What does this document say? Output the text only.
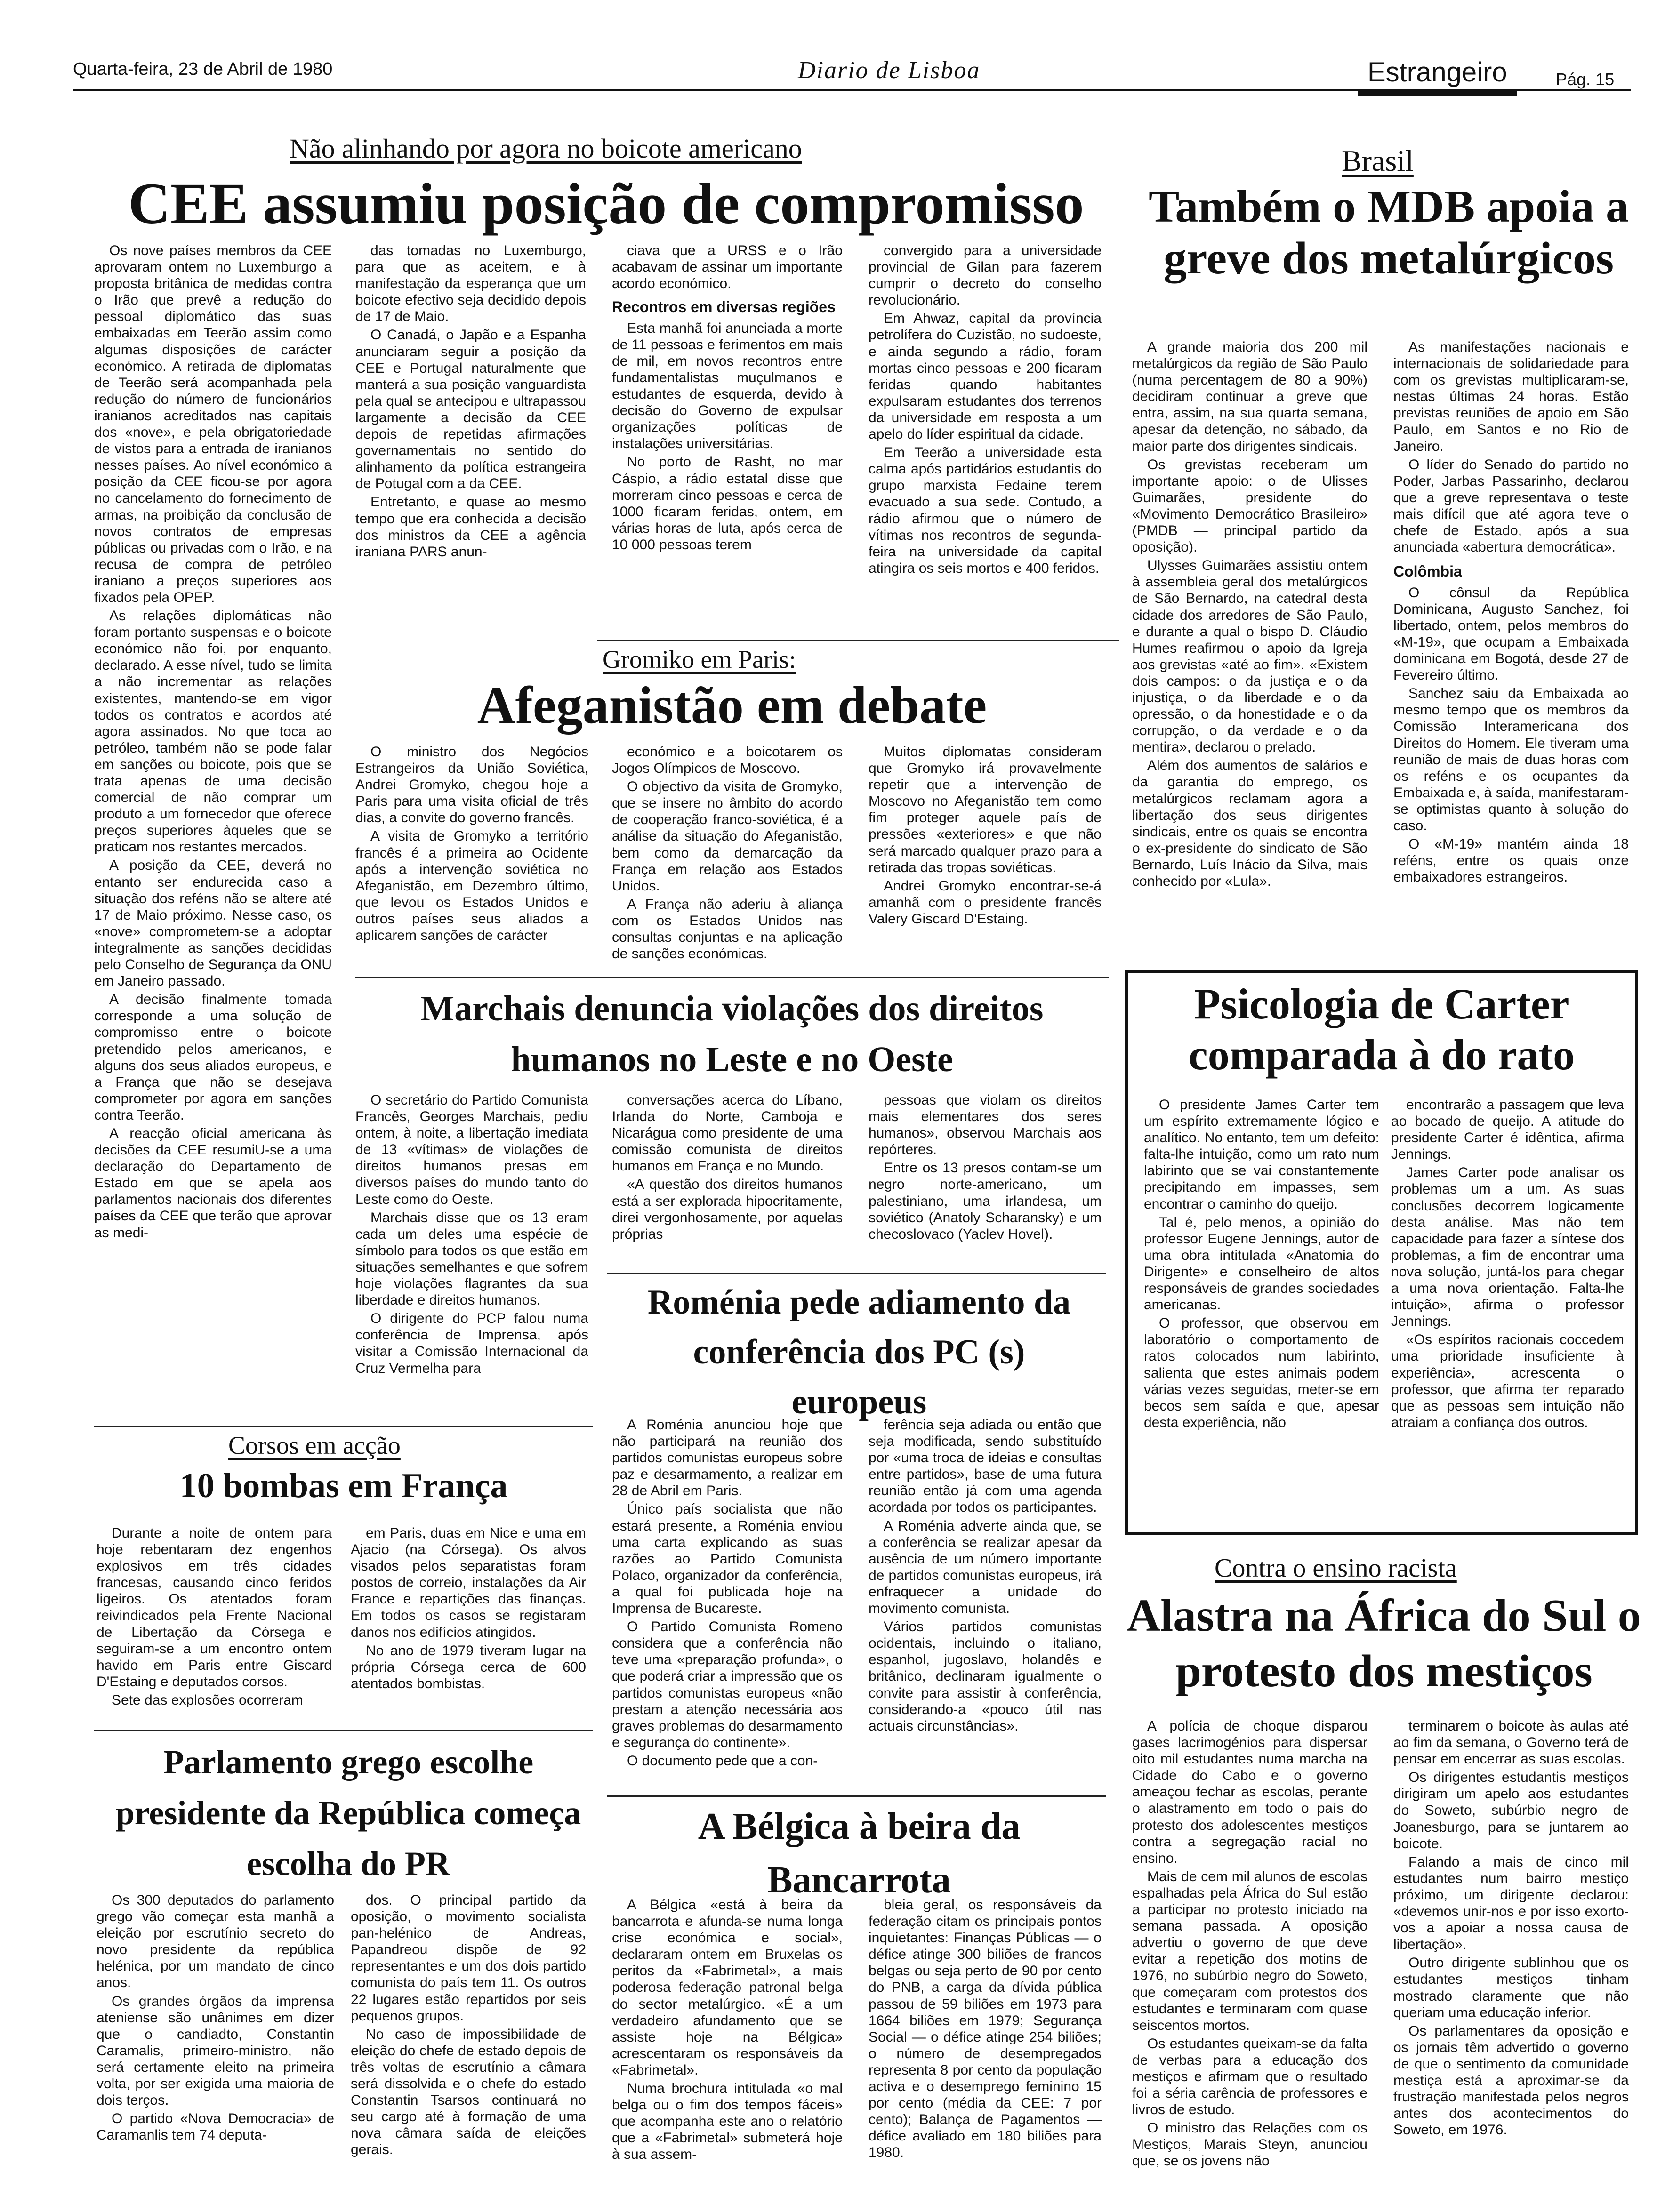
Quarta-feira, 23 de Abril de 1980	Diario de Lisboa	Estrangeiro	Pág. 15
Não alinhando por agora no boicote americano
CEE assumiu posição de compromisso

Os nove países membros da CEE aprovaram ontem no Luxemburgo a proposta britânica de medidas contra o Irão que prevê a redução do pessoal diplomático das suas embaixadas em Teerão assim como algumas disposições de carácter económico. A retirada de diplomatas de Teerão será acompanhada pela redução do número de funcionários iranianos acreditados nas capitais dos «nove», e pela obrigatoriedade de vistos para a entrada de iranianos nesses países. Ao nível económico a posição da CEE ficou-se por agora no cancelamento do fornecimento de armas, na proibição da conclusão de novos contratos de empresas públicas ou privadas com o Irão, e na recusa de compra de petróleo iraniano a preços superiores aos fixados pela OPEP.

As relações diplomáticas não foram portanto suspensas e o boicote económico não foi, por enquanto, declarado. A esse nível, tudo se limita a não incrementar as relações existentes, mantendo-se em vigor todos os contratos e acordos até agora assinados. No que toca ao petróleo, também não se pode falar em sanções ou boicote, pois que se trata apenas de uma decisão comercial de não comprar um produto a um fornecedor que oferece preços superiores àqueles que se praticam nos restantes mercados.

A posição da CEE, deverá no entanto ser endurecida caso a situação dos reféns não se altere até 17 de Maio próximo. Nesse caso, os «nove» comprometem-se a adoptar integralmente as sanções decididas pelo Conselho de Segurança da ONU em Janeiro passado.

A decisão finalmente tomada corresponde a uma solução de compromisso entre o boicote pretendido pelos americanos, e alguns dos seus aliados europeus, e a França que não se desejava comprometer por agora em sanções contra Teerão.

A reacção oficial americana às decisões da CEE resumiU-se a uma declaração do Departamento de Estado em que se apela aos parlamentos nacionais dos diferentes países da CEE que terão que aprovar as medi-

das tomadas no Luxemburgo, para que as aceitem, e à manifestação da esperança que um boicote efectivo seja decidido depois de 17 de Maio.

O Canadá, o Japão e a Espanha anunciaram seguir a posição da CEE e Portugal naturalmente que manterá a sua posição vanguardista pela qual se antecipou e ultrapassou largamente a decisão da CEE depois de repetidas afirmações governamentais no sentido do alinhamento da política estrangeira de Potugal com a da CEE.

Entretanto, e quase ao mesmo tempo que era conhecida a decisão dos ministros da CEE a agência iraniana PARS anun-

ciava que a URSS e o Irão acabavam de assinar um importante acordo económico.

Recontros em diversas regiões

Esta manhã foi anunciada a morte de 11 pessoas e ferimentos em mais de mil, em novos recontros entre fundamentalistas muçulmanos e estudantes de esquerda, devido à decisão do Governo de expulsar organizações políticas de instalações universitárias.

No porto de Rasht, no mar Cáspio, a rádio estatal disse que morreram cinco pessoas e cerca de 1000 ficaram feridas, ontem, em várias horas de luta, após cerca de 10 000 pessoas terem

convergido para a universidade provincial de Gilan para fazerem cumprir o decreto do conselho revolucionário.

Em Ahwaz, capital da província petrolífera do Cuzistão, no sudoeste, e ainda segundo a rádio, foram mortas cinco pessoas e 200 ficaram feridas quando habitantes expulsaram estudantes dos terrenos da universidade em resposta a um apelo do líder espiritual da cidade.

Em Teerão a universidade esta calma após partidários estudantis do grupo marxista Fedaine terem evacuado a sua sede. Contudo, a rádio afirmou que o número de vítimas nos recontros de segunda-feira na universidade da capital atingira os seis mortos e 400 feridos.

Brasil
Também o MDB apoia a greve dos metalúrgicos

A grande maioria dos 200 mil metalúrgicos da região de São Paulo (numa percentagem de 80 a 90%) decidiram continuar a greve que entra, assim, na sua quarta semana, apesar da detenção, no sábado, da maior parte dos dirigentes sindicais.

Os grevistas receberam um importante apoio: o de Ulisses Guimarães, presidente do «Movimento Democrático Brasileiro» (PMDB — principal partido da oposição).

Ulysses Guimarães assistiu ontem à assembleia geral dos metalúrgicos de São Bernardo, na catedral desta cidade dos arredores de São Paulo, e durante a qual o bispo D. Cláudio Humes reafirmou o apoio da Igreja aos grevistas «até ao fim». «Existem dois campos: o da justiça e o da injustiça, o da liberdade e o da opressão, o da honestidade e o da corrupção, o da verdade e o da mentira», declarou o prelado.

Além dos aumentos de salários e da garantia do emprego, os metalúrgicos reclamam agora a libertação dos seus dirigentes sindicais, entre os quais se encontra o ex-presidente do sindicato de São Bernardo, Luís Inácio da Silva, mais conhecido por «Lula».

As manifestações nacionais e internacionais de solidariedade para com os grevistas multiplicaram-se, nestas últimas 24 horas. Estão previstas reuniões de apoio em São Paulo, em Santos e no Rio de Janeiro.

O líder do Senado do partido no Poder, Jarbas Passarinho, declarou que a greve representava o teste mais difícil que até agora teve o chefe de Estado, após a sua anunciada «abertura democrática».

Colômbia

O cônsul da República Dominicana, Augusto Sanchez, foi libertado, ontem, pelos membros do «M-19», que ocupam a Embaixada dominicana em Bogotá, desde 27 de Fevereiro último.

Sanchez saiu da Embaixada ao mesmo tempo que os membros da Comissão Interamericana dos Direitos do Homem. Ele tiveram uma reunião de mais de duas horas com os reféns e os ocupantes da Embaixada e, à saída, manifestaram-se optimistas quanto à solução do caso.

O «M-19» mantém ainda 18 reféns, entre os quais onze embaixadores estrangeiros.

Gromiko em Paris:
Afeganistão em debate

O ministro dos Negócios Estrangeiros da União Soviética, Andrei Gromyko, chegou hoje a Paris para uma visita oficial de três dias, a convite do governo francês.

A visita de Gromyko a território francês é a primeira ao Ocidente após a intervenção soviética no Afeganistão, em Dezembro último, que levou os Estados Unidos e outros países seus aliados a aplicarem sanções de carácter

económico e a boicotarem os Jogos Olímpicos de Moscovo.

O objectivo da visita de Gromyko, que se insere no âmbito do acordo de cooperação franco-soviética, é a análise da situação do Afeganistão, bem como da demarcação da França em relação aos Estados Unidos.

A França não aderiu à aliança com os Estados Unidos nas consultas conjuntas e na aplicação de sanções económicas.

Muitos diplomatas consideram que Gromyko irá provavelmente repetir que a intervenção de Moscovo no Afeganistão tem como fim proteger aquele país de pressões «exteriores» e que não será marcado qualquer prazo para a retirada das tropas soviéticas.

Andrei Gromyko encontrar-se-á amanhã com o presidente francês Valery Giscard D'Estaing.

Marchais denuncia violações dos direitos humanos no Leste e no Oeste

O secretário do Partido Comunista Francês, Georges Marchais, pediu ontem, à noite, a libertação imediata de 13 «vítimas» de violações de direitos humanos presas em diversos países do mundo tanto do Leste como do Oeste.

Marchais disse que os 13 eram cada um deles uma espécie de símbolo para todos os que estão em situações semelhantes e que sofrem hoje violações flagrantes da sua liberdade e direitos humanos.

O dirigente do PCP falou numa conferência de Imprensa, após visitar a Comissão Internacional da Cruz Vermelha para

conversações acerca do Líbano, Irlanda do Norte, Camboja e Nicarágua como presidente de uma comissão comunista de direitos humanos em França e no Mundo.

«A questão dos direitos humanos está a ser explorada hipocritamente, direi vergonhosamente, por aquelas próprias

pessoas que violam os direitos mais elementares dos seres humanos», observou Marchais aos repórteres.

Entre os 13 presos contam-se um negro norte-americano, um palestiniano, uma irlandesa, um soviético (Anatoly Scharansky) e um checoslovaco (Yaclev Hovel).

Psicologia de Carter comparada à do rato

O presidente James Carter tem um espírito extremamente lógico e analítico. No entanto, tem um defeito: falta-lhe intuição, como um rato num labirinto que se vai constantemente precipitando em impasses, sem encontrar o caminho do queijo.

Tal é, pelo menos, a opinião do professor Eugene Jennings, autor de uma obra intitulada «Anatomia do Dirigente» e conselheiro de altos responsáveis de grandes sociedades americanas.

O professor, que observou em laboratório o comportamento de ratos colocados num labirinto, salienta que estes animais podem várias vezes seguidas, meter-se em becos sem saída e que, apesar desta experiência, não

encontrarão a passagem que leva ao bocado de queijo. A atitude do presidente Carter é idêntica, afirma Jennings.

James Carter pode analisar os problemas um a um. As suas conclusões decorrem logicamente desta análise. Mas não tem capacidade para fazer a síntese dos problemas, a fim de encontrar uma nova solução, juntá-los para chegar a uma nova orientação. Falta-lhe intuição», afirma o professor Jennings.

«Os espíritos racionais coccedem uma prioridade insuficiente à experiência», acrescenta o professor, que afirma ter reparado que as pessoas sem intuição não atraiam a confiança dos outros.

Roménia pede adiamento da conferência dos PC (s) europeus

A Roménia anunciou hoje que não participará na reunião dos partidos comunistas europeus sobre paz e desarmamento, a realizar em 28 de Abril em Paris.

Único país socialista que não estará presente, a Roménia enviou uma carta explicando as suas razões ao Partido Comunista Polaco, organizador da conferência, a qual foi publicada hoje na Imprensa de Bucareste.

O Partido Comunista Romeno considera que a conferência não teve uma «preparação profunda», o que poderá criar a impressão que os partidos comunistas europeus «não prestam a atenção necessária aos graves problemas do desarmamento e segurança do continente».

O documento pede que a con-

ferência seja adiada ou então que seja modificada, sendo substituído por «uma troca de ideias e consultas entre partidos», base de uma futura reunião então já com uma agenda acordada por todos os participantes.

A Roménia adverte ainda que, se a conferência se realizar apesar da ausência de um número importante de partidos comunistas europeus, irá enfraquecer a unidade do movimento comunista.

Vários partidos comunistas ocidentais, incluindo o italiano, espanhol, jugoslavo, holandês e britânico, declinaram igualmente o convite para assistir à conferência, considerando-a «pouco útil nas actuais circunstâncias».

Corsos em acção
10 bombas em França

Durante a noite de ontem para hoje rebentaram dez engenhos explosivos em três cidades francesas, causando cinco feridos ligeiros. Os atentados foram reivindicados pela Frente Nacional de Libertação da Córsega e seguiram-se a um encontro ontem havido em Paris entre Giscard D'Estaing e deputados corsos.

Sete das explosões ocorreram

em Paris, duas em Nice e uma em Ajacio (na Córsega). Os alvos visados pelos separatistas foram postos de correio, instalações da Air France e repartições das finanças. Em todos os casos se registaram danos nos edifícios atingidos.

No ano de 1979 tiveram lugar na própria Córsega cerca de 600 atentados bombistas.

Parlamento grego escolhe presidente da República começa escolha do PR

Os 300 deputados do parlamento grego vão começar esta manhã a eleição por escrutínio secreto do novo presidente da república helénica, por um mandato de cinco anos.

Os grandes órgãos da imprensa ateniense são unânimes em dizer que o candiadto, Constantin Caramalis, primeiro-ministro, não será certamente eleito na primeira volta, por ser exigida uma maioria de dois terços.

O partido «Nova Democracia» de Caramanlis tem 74 deputa-

dos. O principal partido da oposição, o movimento socialista pan-helénico de Andreas, Papandreou dispõe de 92 representantes e um dos dois partido comunista do país tem 11. Os outros 22 lugares estão repartidos por seis pequenos grupos.

No caso de impossibilidade de eleição do chefe de estado depois de três voltas de escrutínio a câmara será dissolvida e o chefe do estado Constantin Tsarsos continuará no seu cargo até à formação de uma nova câmara saída de eleições gerais.

A Bélgica à beira da Bancarrota

A Bélgica «está à beira da bancarrota e afunda-se numa longa crise económica e social», declararam ontem em Bruxelas os peritos da «Fabrimetal», a mais poderosa federação patronal belga do sector metalúrgico. «É a um verdadeiro afundamento que se assiste hoje na Bélgica» acrescentaram os responsáveis da «Fabrimetal».

Numa brochura intitulada «o mal belga ou o fim dos tempos fáceis» que acompanha este ano o relatório que a «Fabrimetal» submeterá hoje à sua assem-

bleia geral, os responsáveis da federação citam os principais pontos inquietantes: Finanças Públicas — o défice atinge 300 biliões de francos belgas ou seja perto de 90 por cento do PNB, a carga da dívida pública passou de 59 biliões em 1973 para 1664 biliões em 1979; Segurança Social — o défice atinge 254 biliões; o número de desempregados representa 8 por cento da população activa e o desemprego feminino 15 por cento (média da CEE: 7 por cento); Balança de Pagamentos — défice avaliado em 180 biliões para 1980.

Contra o ensino racista
Alastra na África do Sul o protesto dos mestiços

A polícia de choque disparou gases lacrimogénios para dispersar oito mil estudantes numa marcha na Cidade do Cabo e o governo ameaçou fechar as escolas, perante o alastramento em todo o país do protesto dos adolescentes mestiços contra a segregação racial no ensino.

Mais de cem mil alunos de escolas espalhadas pela África do Sul estão a participar no protesto iniciado na semana passada. A oposição advertiu o governo de que deve evitar a repetição dos motins de 1976, no subúrbio negro do Soweto, que começaram com protestos dos estudantes e terminaram com quase seiscentos mortos.

Os estudantes queixam-se da falta de verbas para a educação dos mestiços e afirmam que o resultado foi a séria carência de professores e livros de estudo.

O ministro das Relações com os Mestiços, Marais Steyn, anunciou que, se os jovens não

terminarem o boicote às aulas até ao fim da semana, o Governo terá de pensar em encerrar as suas escolas.

Os dirigentes estudantis mestiços dirigiram um apelo aos estudantes do Soweto, subúrbio negro de Joanesburgo, para se juntarem ao boicote.

Falando a mais de cinco mil estudantes num bairro mestiço próximo, um dirigente declarou: «devemos unir-nos e por isso exorto-vos a apoiar a nossa causa de libertação».

Outro dirigente sublinhou que os estudantes mestiços tinham mostrado claramente que não queriam uma educação inferior.

Os parlamentares da oposição e os jornais têm advertido o governo de que o sentimento da comunidade mestiça está a aproximar-se da frustração manifestada pelos negros antes dos acontecimentos do Soweto, em 1976.
